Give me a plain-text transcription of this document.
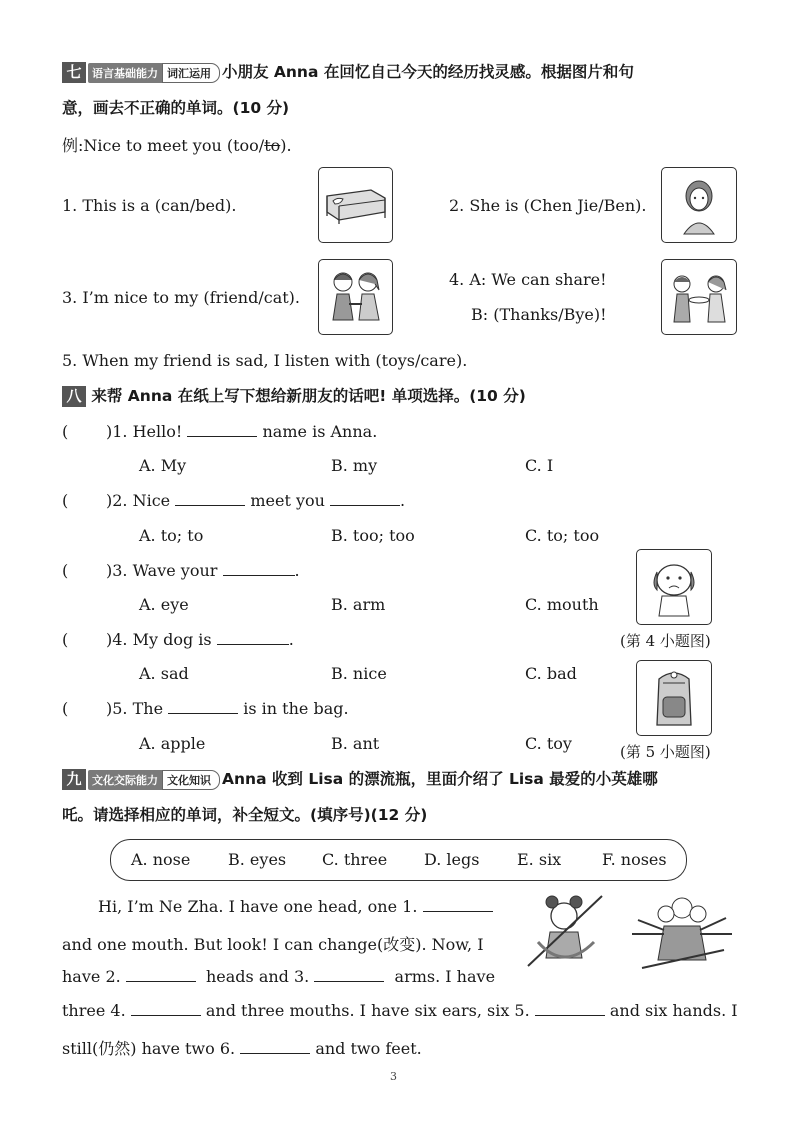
七 语言基础能力 词汇运用 小朋友 Anna 在回忆自己今天的经历找灵感。根据图片和句
意，画去不正确的单词。(10 分)
例:Nice to meet you (too/to).
1. This is a (can/bed).	2. She is (Chen Jie/Ben).
3. I’m nice to my (friend/cat).
4. A: We can share!
B: (Thanks/Bye)!
5. When my friend is sad, I listen with (toys/care).
八 来帮 Anna 在纸上写下想给新朋友的话吧! 单项选择。(10 分)
( )1. Hello!	name is Anna.
A. My	B. my	C. I
( )2. Nice	meet you	.
A. to; to	B. too; too	C. to; too
( )3. Wave your	.
A. eye	B. arm	C. mouth
(第 4 小题图)
( )4. My dog is	.
A. sad	B. nice	C. bad
(第 5 小题图)
( )5. The	is in the bag.
A. apple	B. ant	C. toy
九 文化交际能力 文化知识 Anna 收到 Lisa 的漂流瓶，里面介绍了 Lisa 最爱的小英雄哪
吒。请选择相应的单词，补全短文。(填序号)(12 分)
A. nose B. eyes C. three D. legs E. six	F. noses
Hi, I’m Ne Zha. I have one head, one 1.
and one mouth. But look! I can change(改变). Now, I
have 2.	heads and 3.	arms. I have
three 4.	and three mouths. I have six ears, six 5.	and six hands. I
still(仍然) have two 6.	and two feet.
3
